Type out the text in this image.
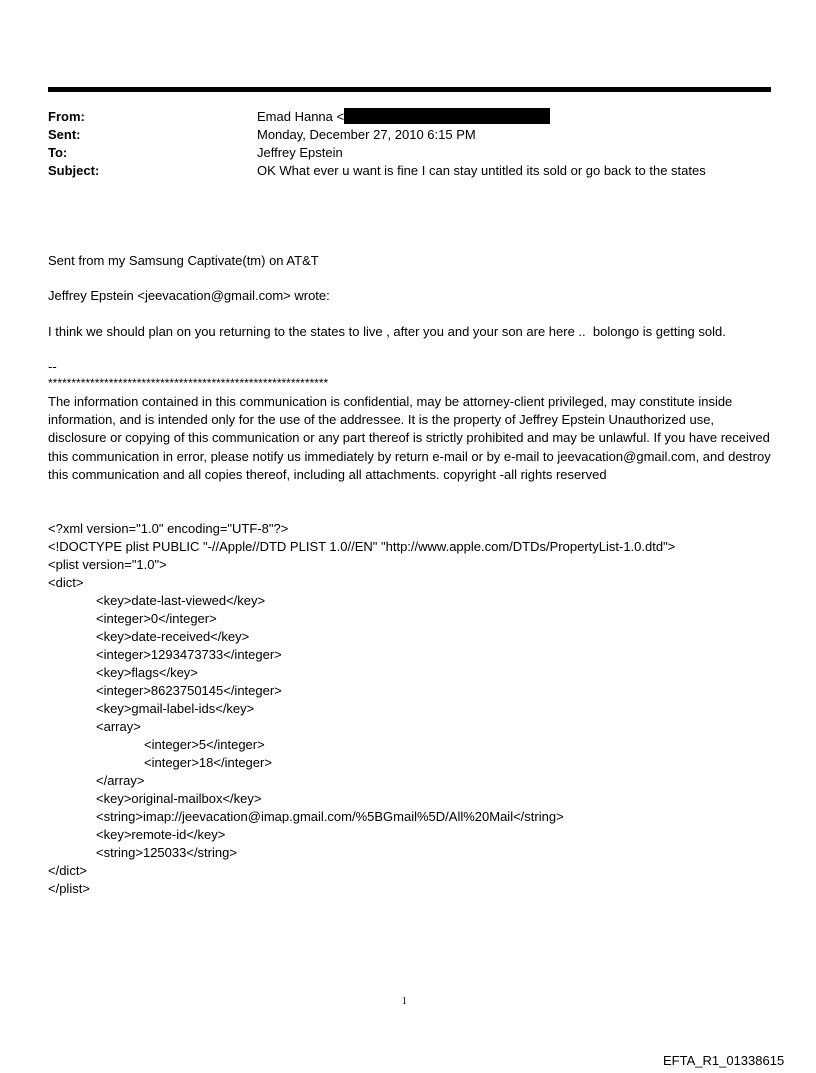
From:	Emad Hanna <
Sent:	Monday, December 27, 2010 6:15 PM
To:	Jeffrey Epstein
Subject:	OK What ever u want is fine I can stay untitled its sold or go back to the states
Sent from my Samsung Captivate(tm) on AT&T
Jeffrey Epstein <jeevacation@gmail.com> wrote:
I think we should plan on you returning to the states to live , after you and your son are here ..  bolongo is getting sold.
--
************************************************************

The information contained in this communication is confidential, may be attorney-client privileged, may constitute inside information, and is intended only for the use of the addressee. It is the property of Jeffrey Epstein Unauthorized use, disclosure or copying of this communication or any part thereof is strictly prohibited and may be unlawful. If you have received this communication in error, please notify us immediately by return e-mail or by e-mail to jeevacation@gmail.com, and destroy this communication and all copies thereof, including all attachments. copyright -all rights reserved

<?xml version="1.0" encoding="UTF-8"?>
<!DOCTYPE plist PUBLIC "-//Apple//DTD PLIST 1.0//EN" "http://www.apple.com/DTDs/PropertyList-1.0.dtd">
<plist version="1.0">
<dict>
<key>date-last-viewed</key>
<integer>0</integer>
<key>date-received</key>
<integer>1293473733</integer>
<key>flags</key>
<integer>8623750145</integer>
<key>gmail-label-ids</key>
<array>
<integer>5</integer>
<integer>18</integer>
</array>
<key>original-mailbox</key>
<string>imap://jeevacation@imap.gmail.com/%5BGmail%5D/All%20Mail</string>
<key>remote-id</key>
<string>125033</string>
</dict>
</plist>
1
EFTA_R1_01338615
